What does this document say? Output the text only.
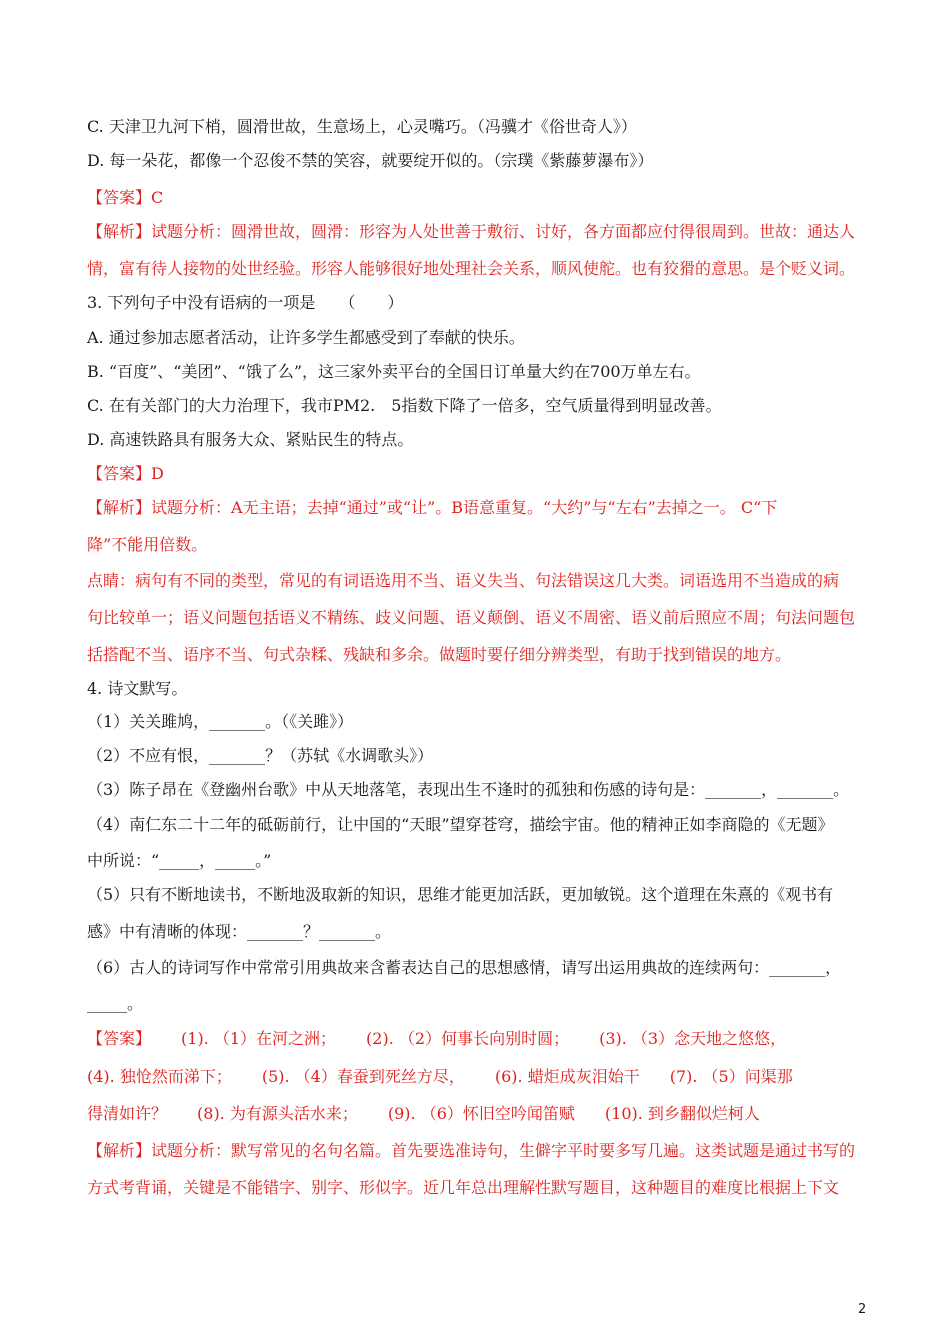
C. 天津卫九河下梢，圆滑世故，生意场上，心灵嘴巧。（冯骥才《俗世奇人》）
D. 每一朵花，都像一个忍俊不禁的笑容，就要绽开似的。（宗璞《紫藤萝瀑布》）
【答案】C
【解析】试题分析：圆滑世故，圆滑：形容为人处世善于敷衍、讨好，各方面都应付得很周到。世故：通达人
情，富有待人接物的处世经验。形容人能够很好地处理社会关系，顺风使舵。也有狡猾的意思。是个贬义词。
3. 下列句子中没有语病的一项是　　（　　）
A. 通过参加志愿者活动，让许多学生都感受到了奉献的快乐。
B. “百度”、“美团”、“饿了么”，这三家外卖平台的全国日订单量大约在700万单左右。
C. 在有关部门的大力治理下，我市PM2.　5指数下降了一倍多，空气质量得到明显改善。
D. 高速铁路具有服务大众、紧贴民生的特点。
【答案】D
【解析】试题分析：A无主语；去掉“通过”或“让”。B语意重复。“大约”与“左右”去掉之一。 C“下
降”不能用倍数。
点睛：病句有不同的类型，常见的有词语选用不当、语义失当、句法错误这几大类。词语选用不当造成的病
句比较单一；语义问题包括语义不精练、歧义问题、语义颠倒、语义不周密、语义前后照应不周；句法问题包
括搭配不当、语序不当、句式杂糅、残缺和多余。做题时要仔细分辨类型，有助于找到错误的地方。
4. 诗文默写。
（1）关关雎鸠，_______。（《关雎》）
（2）不应有恨，_______？（苏轼《水调歌头》）
（3）陈子昂在《登幽州台歌》中从天地落笔，表现出生不逢时的孤独和伤感的诗句是：_______，_______。
（4）南仁东二十二年的砥砺前行，让中国的“天眼”望穿苍穹，描绘宇宙。他的精神正如李商隐的《无题》
中所说：“_____，_____。”
（5）只有不断地读书，不断地汲取新的知识，思维才能更加活跃，更加敏锐。这个道理在朱熹的《观书有
感》中有清晰的体现：_______？_______。
（6）古人的诗词写作中常常引用典故来含蓄表达自己的思想感情，请写出运用典故的连续两句：_______，
_____。
【答案】 (1). （1）在河之洲； (2). （2）何事长向别时圆； (3). （3）念天地之悠悠，
(4). 独怆然而涕下； (5). （4）春蚕到死丝方尽， (6). 蜡炬成灰泪始干 (7). （5）问渠那
得清如许？ (8). 为有源头活水来； (9). （6）怀旧空吟闻笛赋 (10). 到乡翻似烂柯人
【解析】试题分析：默写常见的名句名篇。首先要选准诗句，生僻字平时要多写几遍。这类试题是通过书写的
方式考背诵，关键是不能错字、别字、形似字。近几年总出理解性默写题目，这种题目的难度比根据上下文
2
